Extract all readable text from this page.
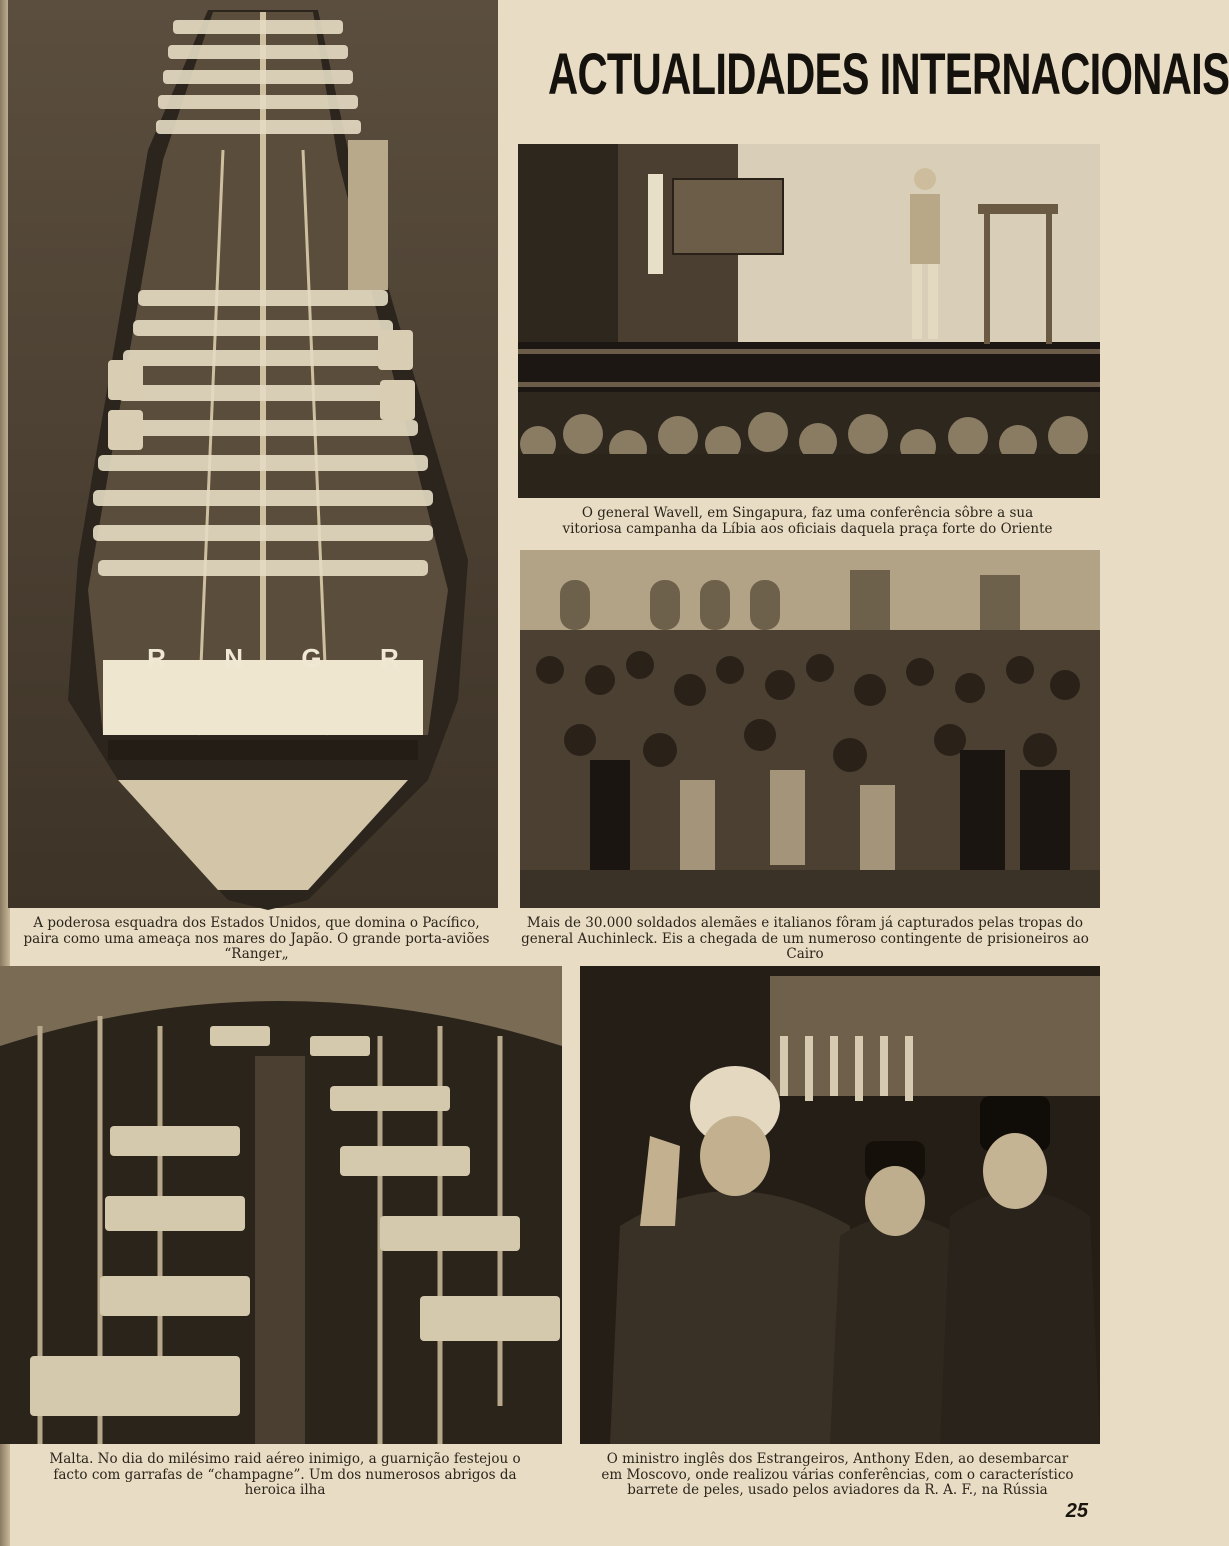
R N G R
ACTUALIDADES INTERNACIONAIS
O general Wavell, em Singapura, faz uma conferência sôbre a sua vitoriosa campanha da Líbia aos oficiais daquela praça forte do Oriente
Mais de 30.000 soldados alemães e italianos fôram já capturados pelas tropas do general Auchinleck. Eis a chegada de um numeroso contingente de prisioneiros ao Cairo
A poderosa esquadra dos Estados Unidos, que domina o Pacífico, paira como uma ameaça nos mares do Japão. O grande porta-aviões “Ranger„
Malta. No dia do milésimo raid aéreo inimigo, a guarnição festejou o facto com garrafas de “champagne”. Um dos numerosos abrigos da heroica ilha
O ministro inglês dos Estrangeiros, Anthony Eden, ao desembarcar em Moscovo, onde realizou várias conferências, com o característico barrete de peles, usado pelos aviadores da R. A. F., na Rússia
25
